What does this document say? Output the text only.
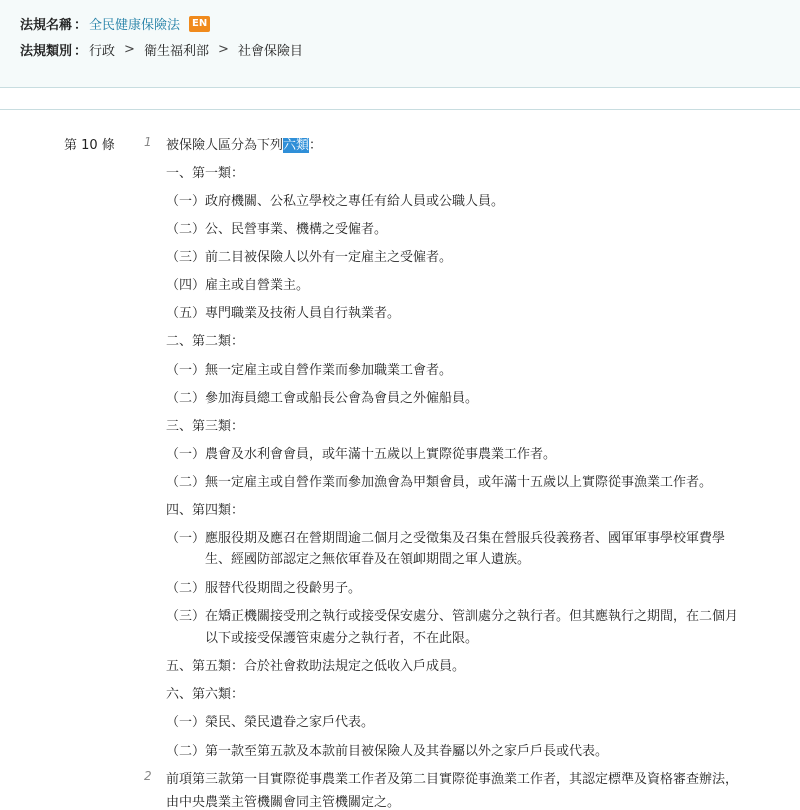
法規名稱 ： 全民健康保險法	EN
法規類別 ： 行政 > 衛生福利部 > 社會保險目
第 10 條 1 被保險人區分為下列六類：
一、第一類：
（一）政府機關、公私立學校之專任有給人員或公職人員。
（二）公、民營事業、機構之受僱者。
（三）前二目被保險人以外有一定雇主之受僱者。
（四）雇主或自營業主。
（五）專門職業及技術人員自行執業者。
二、第二類：
（一）無一定雇主或自營作業而參加職業工會者。
（二）參加海員總工會或船長公會為會員之外僱船員。
三、第三類：
（一）農會及水利會會員，或年滿十五歲以上實際從事農業工作者。
（二）無一定雇主或自營作業而參加漁會為甲類會員，或年滿十五歲以上實際從事漁業工作者。
四、第四類：
（一）應服役期及應召在營期間逾二個月之受徵集及召集在營服兵役義務者、國軍軍事學校軍費學
生、經國防部認定之無依軍眷及在領卹期間之軍人遺族。
（二）服替代役期間之役齡男子。
（三）在矯正機關接受刑之執行或接受保安處分、管訓處分之執行者。但其應執行之期間，在二個月
以下或接受保護管束處分之執行者，不在此限。
五、第五類：合於社會救助法規定之低收入戶成員。
六、第六類：
（一）榮民、榮民遺眷之家戶代表。
（二）第一款至第五款及本款前目被保險人及其眷屬以外之家戶戶長或代表。
2 前項第三款第一目實際從事農業工作者及第二目實際從事漁業工作者，其認定標準及資格審查辦法，
由中央農業主管機關會同主管機關定之。
